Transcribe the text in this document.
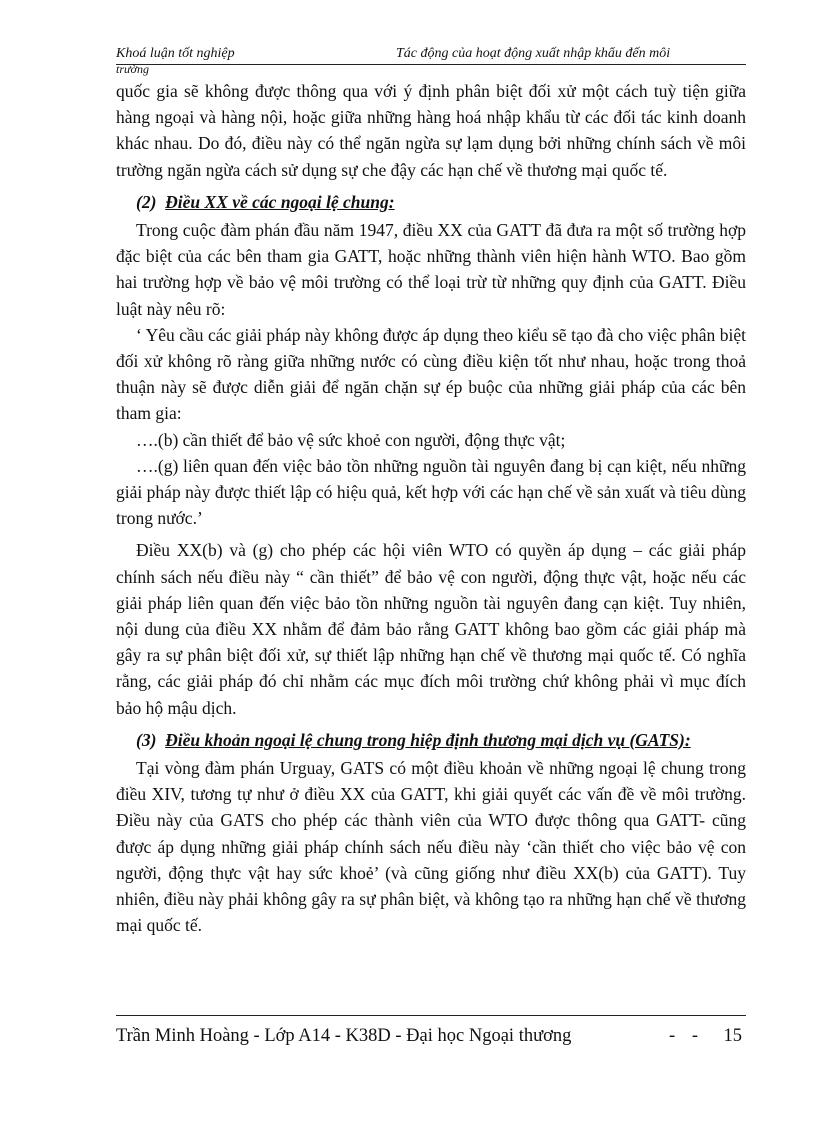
Khoá luận tốt nghiệp	Tác động của hoạt động xuất nhập khẩu đến môi
trường

quốc gia sẽ không được thông qua với ý định phân biệt đối xử một cách tuỳ tiện giữa hàng ngoại và hàng nội, hoặc giữa những hàng hoá nhập khẩu từ các đối tác kinh doanh khác nhau. Do đó, điều này có thể ngăn ngừa sự lạm dụng bởi những chính sách về môi trường ngăn ngừa cách sử dụng sự che đậy các hạn chế về thương mại quốc tế.

(2) Điều XX về các ngoại lệ chung:

Trong cuộc đàm phán đầu năm 1947, điều XX của GATT đã đưa ra một số trường hợp đặc biệt của các bên tham gia GATT, hoặc những thành viên hiện hành WTO. Bao gồm hai trường hợp về bảo vệ môi trường có thể loại trừ từ những quy định của GATT. Điều luật này nêu rõ:

‘ Yêu cầu các giải pháp này không được áp dụng theo kiểu sẽ tạo đà cho việc phân biệt đối xử không rõ ràng giữa những nước có cùng điều kiện tốt như nhau, hoặc trong thoả thuận này sẽ được diễn giải để ngăn chặn sự ép buộc của những giải pháp của các bên tham gia:

….(b) cần thiết để bảo vệ sức khoẻ con người, động thực vật;

….(g) liên quan đến việc bảo tồn những nguồn tài nguyên đang bị cạn kiệt, nếu những giải pháp này được thiết lập có hiệu quả, kết hợp với các hạn chế về sản xuất và tiêu dùng trong nước.’

Điều XX(b) và (g) cho phép các hội viên WTO có quyền áp dụng – các giải pháp chính sách nếu điều này “ cần thiết” để bảo vệ con người, động thực vật, hoặc nếu các giải pháp liên quan đến việc bảo tồn những nguồn tài nguyên đang cạn kiệt. Tuy nhiên, nội dung của điều XX nhằm để đảm bảo rằng GATT không bao gồm các giải pháp mà gây ra sự phân biệt đối xử, sự thiết lập những hạn chế về thương mại quốc tế. Có nghĩa rằng, các giải pháp đó chỉ nhằm các mục đích môi trường chứ không phải vì mục đích bảo hộ mậu dịch.

(3) Điều khoản ngoại lệ chung trong hiệp định thương mại dịch vụ (GATS):

Tại vòng đàm phán Urguay, GATS có một điều khoản về những ngoại lệ chung trong điều XIV, tương tự như ở điều XX của GATT, khi giải quyết các vấn đề về môi trường. Điều này của GATS cho phép các thành viên của WTO được thông qua GATT- cũng được áp dụng những giải pháp chính sách nếu điều này ‘cần thiết cho việc bảo vệ con người, động thực vật hay sức khoẻ’ (và cũng giống như điều XX(b) của GATT). Tuy nhiên, điều này phải không gây ra sự phân biệt, và không tạo ra những hạn chế về thương mại quốc tế.

Trần Minh Hoàng - Lớp A14 - K38D - Đại học Ngoại thương	- - 15
